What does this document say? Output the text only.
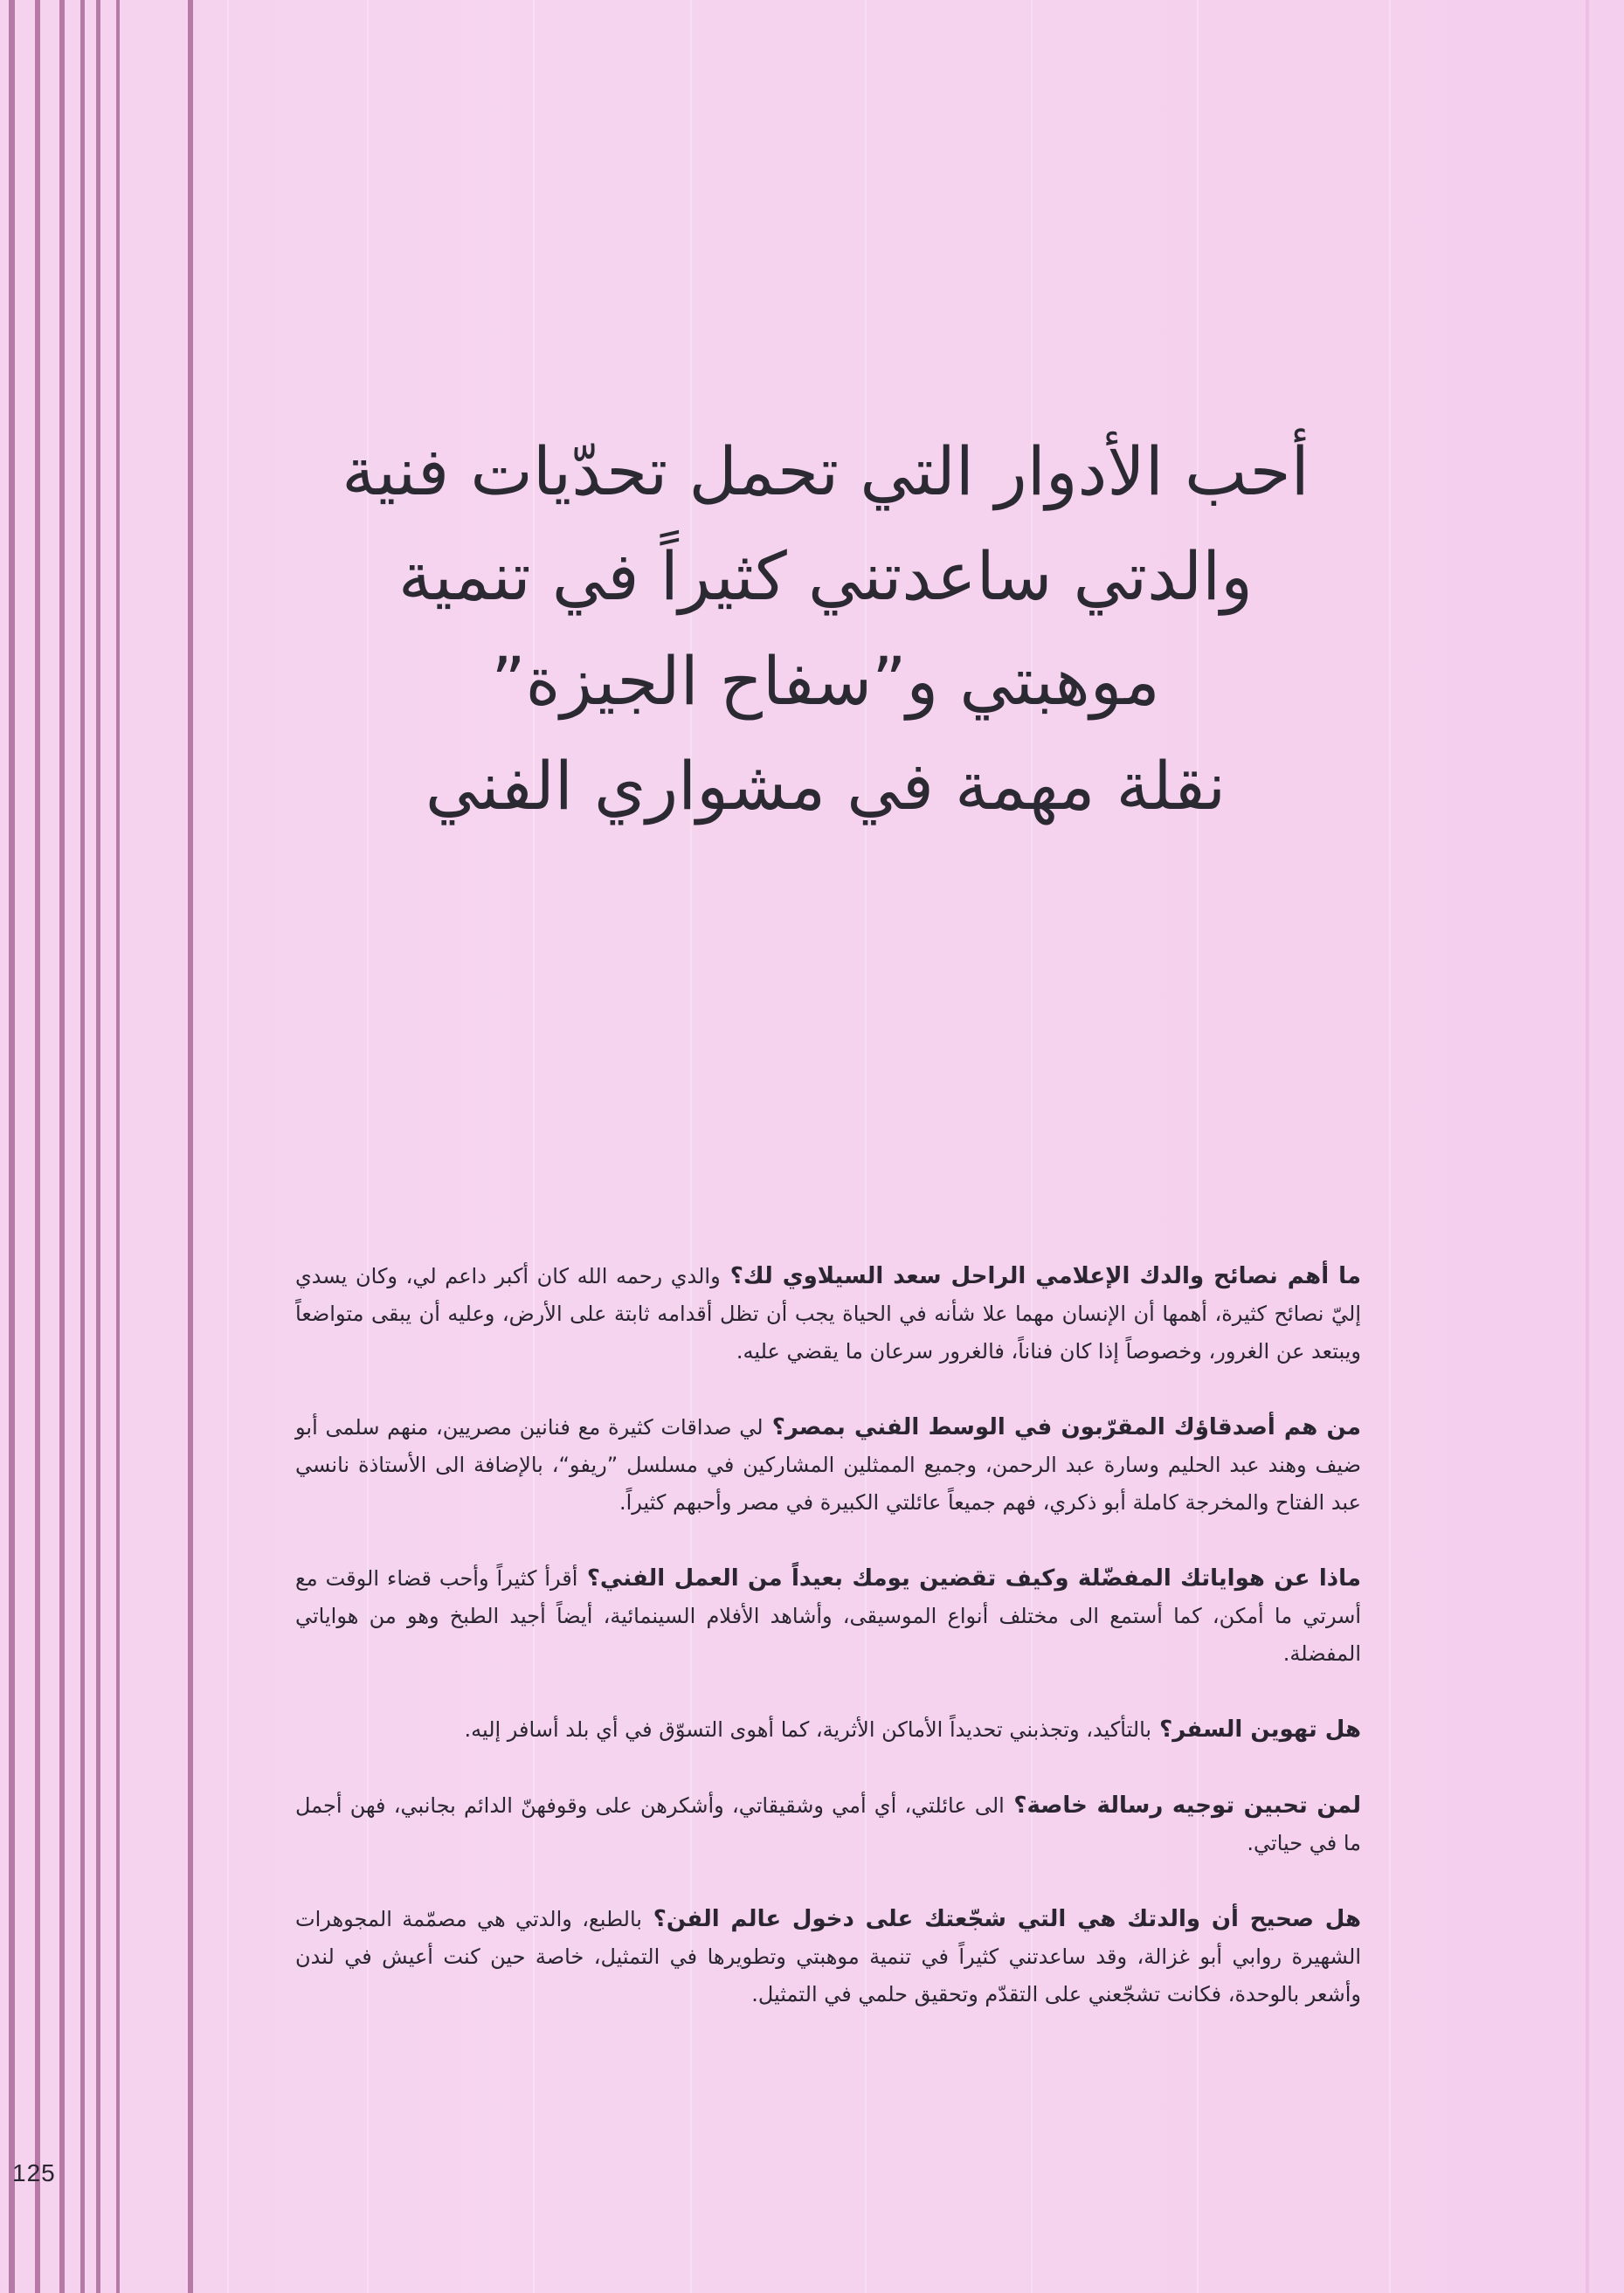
أحب الأدوار التي تحمل تحدّيات فنية
والدتي ساعدتني كثيراً في تنمية
موهبتي و”سفاح الجيزة”
نقلة مهمة في مشواري الفني

ما أهم نصائح والدك الإعلامي الراحل سعد السيلاوي لك؟ والدي رحمه الله كان أكبر داعم لي، وكان يسدي إليّ نصائح كثيرة، أهمها أن الإنسان مهما علا شأنه في الحياة يجب أن تظل أقدامه ثابتة على الأرض، وعليه أن يبقى متواضعاً ويبتعد عن الغرور، وخصوصاً إذا كان فناناً، فالغرور سرعان ما يقضي عليه.

من هم أصدقاؤك المقرّبون في الوسط الفني بمصر؟ لي صداقات كثيرة مع فنانين مصريين، منهم سلمى أبو ضيف وهند عبد الحليم وسارة عبد الرحمن، وجميع الممثلين المشاركين في مسلسل ”ريفو“، بالإضافة الى الأستاذة نانسي عبد الفتاح والمخرجة كاملة أبو ذكري، فهم جميعاً عائلتي الكبيرة في مصر وأحبهم كثيراً.

ماذا عن هواياتك المفضّلة وكيف تقضين يومك بعيداً من العمل الفني؟ أقرأ كثيراً وأحب قضاء الوقت مع أسرتي ما أمكن، كما أستمع الى مختلف أنواع الموسيقى، وأشاهد الأفلام السينمائية، أيضاً أجيد الطبخ وهو من هواياتي المفضلة.

هل تهوين السفر؟ بالتأكيد، وتجذبني تحديداً الأماكن الأثرية، كما أهوى التسوّق في أي بلد أسافر إليه.

لمن تحبين توجيه رسالة خاصة؟ الى عائلتي، أي أمي وشقيقاتي، وأشكرهن على وقوفهنّ الدائم بجانبي، فهن أجمل ما في حياتي.

هل صحيح أن والدتك هي التي شجّعتك على دخول عالم الفن؟ بالطبع، والدتي هي مصمّمة المجوهرات الشهيرة روابي أبو غزالة، وقد ساعدتني كثيراً في تنمية موهبتي وتطويرها في التمثيل، خاصة حين كنت أعيش في لندن وأشعر بالوحدة، فكانت تشجّعني على التقدّم وتحقيق حلمي في التمثيل.

125
